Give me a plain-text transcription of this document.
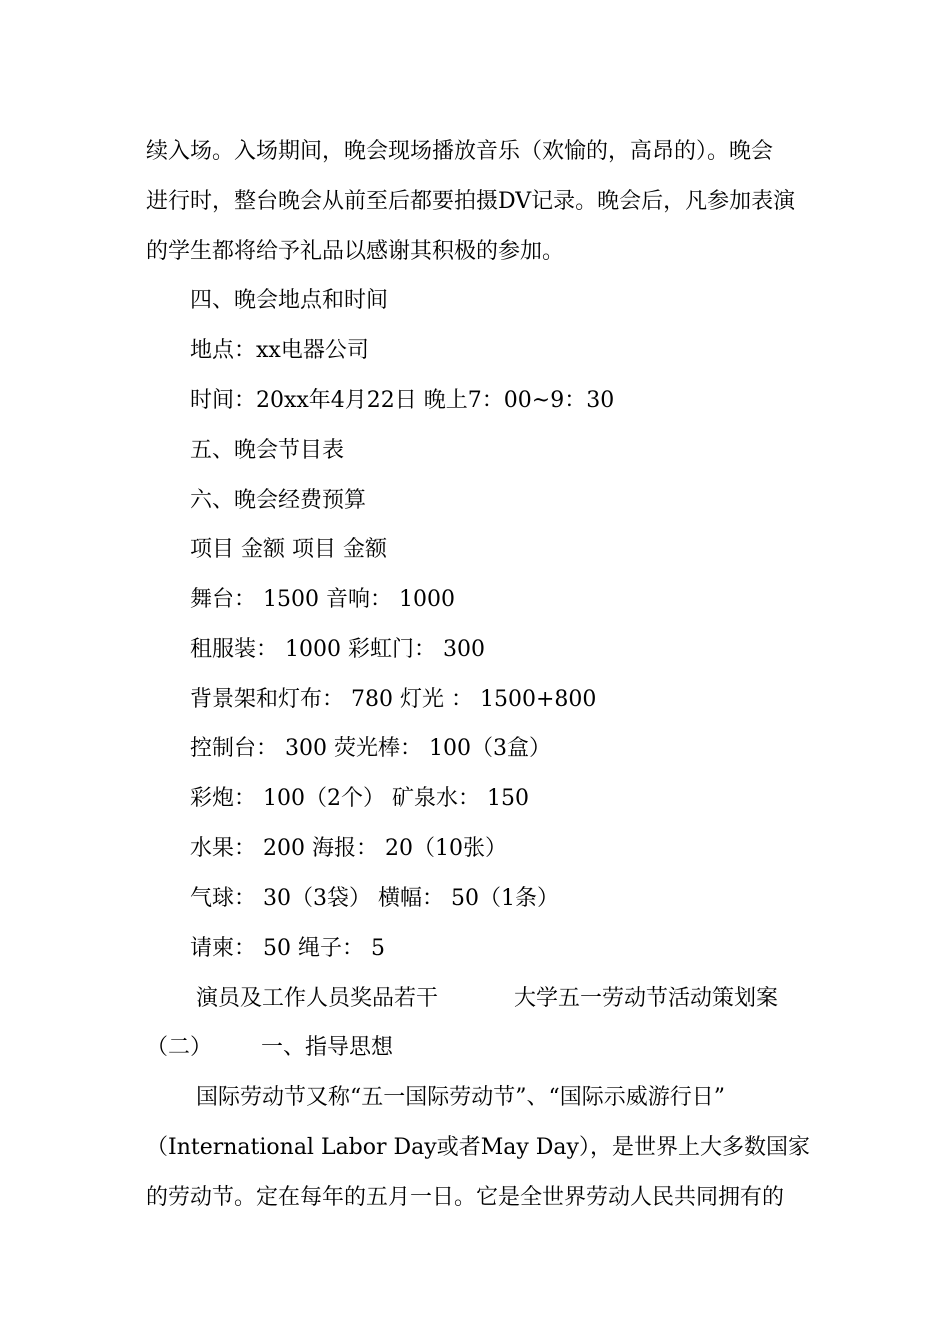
续入场。入场期间，晚会现场播放音乐（欢愉的，高昂的）。晚会
进行时，整台晚会从前至后都要拍摄DV记录。晚会后，凡参加表演
的学生都将给予礼品以感谢其积极的参加。
四、晚会地点和时间
地点：xx电器公司
时间：20xx年4月22日 晚上7：00~9：30
五、晚会节目表
六、晚会经费预算
项目 金额 项目 金额
舞台： 1500 音响： 1000
租服装： 1000 彩虹门： 300
背景架和灯布： 780 灯光 ： 1500+800
控制台： 300 荧光棒： 100（3盒）
彩炮： 100（2个） 矿泉水： 150
水果： 200 海报： 20（10张）
气球： 30（3袋） 横幅： 50（1条）
请柬： 50 绳子： 5
演员及工作人员奖品若干	大学五一劳动节活动策划案
（二）       一、指导思想
国际劳动节又称“五一国际劳动节”、“国际示威游行日”
（International Labor Day或者May Day），是世界上大多数国家
的劳动节。定在每年的五月一日。它是全世界劳动人民共同拥有的
